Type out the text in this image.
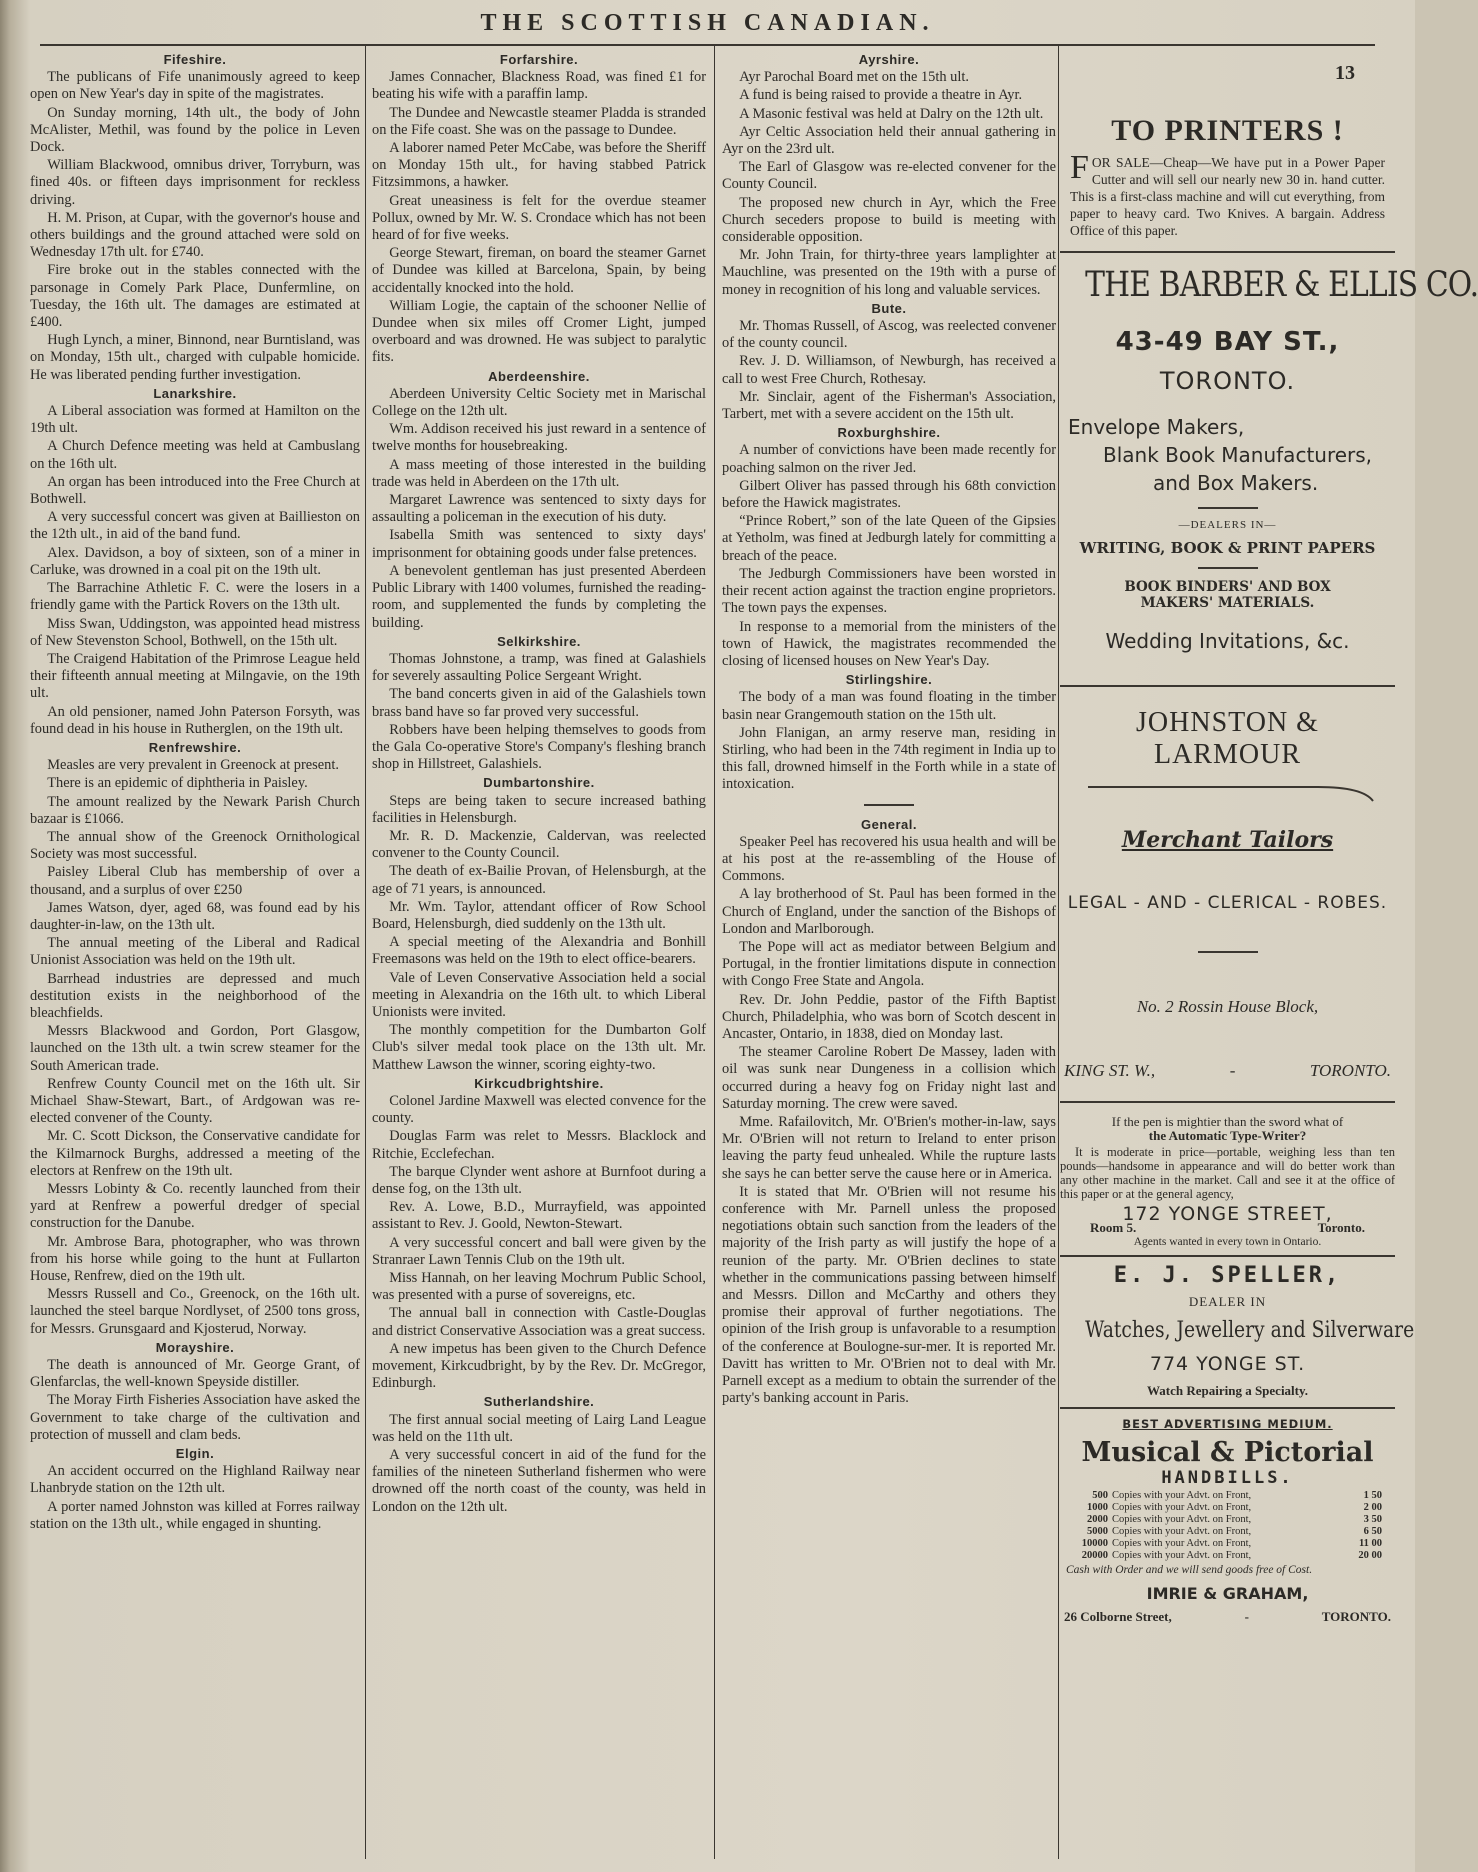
THE SCOTTISH CANADIAN.
13
Fifeshire.

The publicans of Fife unanimously agreed to keep open on New Year's day in spite of the magistrates.

On Sunday morning, 14th ult., the body of John McAlister, Methil, was found by the police in Leven Dock.

William Blackwood, omnibus driver, Torryburn, was fined 40s. or fifteen days imprisonment for reckless driving.

H. M. Prison, at Cupar, with the governor's house and others buildings and the ground attached were sold on Wednesday 17th ult. for £740.

Fire broke out in the stables connected with the parsonage in Comely Park Place, Dunfermline, on Tuesday, the 16th ult. The damages are estimated at £400.

Hugh Lynch, a miner, Binnond, near Burntisland, was on Monday, 15th ult., charged with culpable homicide. He was liberated pending further investigation.

Lanarkshire.

A Liberal association was formed at Hamilton on the 19th ult.

A Church Defence meeting was held at Cambuslang on the 16th ult.

An organ has been introduced into the Free Church at Bothwell.

A very successful concert was given at Baillieston on the 12th ult., in aid of the band fund.

Alex. Davidson, a boy of sixteen, son of a miner in Carluke, was drowned in a coal pit on the 19th ult.

The Barrachine Athletic F. C. were the losers in a friendly game with the Partick Rovers on the 13th ult.

Miss Swan, Uddingston, was appointed head mistress of New Stevenston School, Bothwell, on the 15th ult.

The Craigend Habitation of the Primrose League held their fifteenth annual meeting at Milngavie, on the 19th ult.

An old pensioner, named John Paterson Forsyth, was found dead in his house in Rutherglen, on the 19th ult.

Renfrewshire.

Measles are very prevalent in Greenock at present.

There is an epidemic of diphtheria in Paisley.

The amount realized by the Newark Parish Church bazaar is £1066.

The annual show of the Greenock Ornithological Society was most successful.

Paisley Liberal Club has membership of over a thousand, and a surplus of over £250

James Watson, dyer, aged 68, was found ead by his daughter-in-law, on the 13th ult.

The annual meeting of the Liberal and Radical Unionist Association was held on the 19th ult.

Barrhead industries are depressed and much destitution exists in the neighborhood of the bleachfields.

Messrs Blackwood and Gordon, Port Glasgow, launched on the 13th ult. a twin screw steamer for the South American trade.

Renfrew County Council met on the 16th ult. Sir Michael Shaw-Stewart, Bart., of Ardgowan was re-elected convener of the County.

Mr. C. Scott Dickson, the Conservative candidate for the Kilmarnock Burghs, addressed a meeting of the electors at Renfrew on the 19th ult.

Messrs Lobinty & Co. recently launched from their yard at Renfrew a powerful dredger of special construction for the Danube.

Mr. Ambrose Bara, photographer, who was thrown from his horse while going to the hunt at Fullarton House, Renfrew, died on the 19th ult.

Messrs Russell and Co., Greenock, on the 16th ult. launched the steel barque Nordlyset, of 2500 tons gross, for Messrs. Grunsgaard and Kjosterud, Norway.

Morayshire.

The death is announced of Mr. George Grant, of Glenfarclas, the well-known Speyside distiller.

The Moray Firth Fisheries Association have asked the Government to take charge of the cultivation and protection of mussell and clam beds.

Elgin.

An accident occurred on the Highland Railway near Lhanbryde station on the 12th ult.

A porter named Johnston was killed at Forres railway station on the 13th ult., while engaged in shunting.

Forfarshire.

James Connacher, Blackness Road, was fined £1 for beating his wife with a paraffin lamp.

The Dundee and Newcastle steamer Pladda is stranded on the Fife coast. She was on the passage to Dundee.

A laborer named Peter McCabe, was before the Sheriff on Monday 15th ult., for having stabbed Patrick Fitzsimmons, a hawker.

Great uneasiness is felt for the overdue steamer Pollux, owned by Mr. W. S. Crondace which has not been heard of for five weeks.

George Stewart, fireman, on board the steamer Garnet of Dundee was killed at Barcelona, Spain, by being accidentally knocked into the hold.

William Logie, the captain of the schooner Nellie of Dundee when six miles off Cromer Light, jumped overboard and was drowned. He was subject to paralytic fits.

Aberdeenshire.

Aberdeen University Celtic Society met in Marischal College on the 12th ult.

Wm. Addison received his just reward in a sentence of twelve months for housebreaking.

A mass meeting of those interested in the building trade was held in Aberdeen on the 17th ult.

Margaret Lawrence was sentenced to sixty days for assaulting a policeman in the execution of his duty.

Isabella Smith was sentenced to sixty days' imprisonment for obtaining goods under false pretences.

A benevolent gentleman has just presented Aberdeen Public Library with 1400 volumes, furnished the reading-room, and supplemented the funds by completing the building.

Selkirkshire.

Thomas Johnstone, a tramp, was fined at Galashiels for severely assaulting Police Sergeant Wright.

The band concerts given in aid of the Galashiels town brass band have so far proved very successful.

Robbers have been helping themselves to goods from the Gala Co-operative Store's Company's fleshing branch shop in Hillstreet, Galashiels.

Dumbartonshire.

Steps are being taken to secure increased bathing facilities in Helensburgh.

Mr. R. D. Mackenzie, Caldervan, was reelected convener to the County Council.

The death of ex-Bailie Provan, of Helensburgh, at the age of 71 years, is announced.

Mr. Wm. Taylor, attendant officer of Row School Board, Helensburgh, died suddenly on the 13th ult.

A special meeting of the Alexandria and Bonhill Freemasons was held on the 19th to elect office-bearers.

Vale of Leven Conservative Association held a social meeting in Alexandria on the 16th ult. to which Liberal Unionists were invited.

The monthly competition for the Dumbarton Golf Club's silver medal took place on the 13th ult. Mr. Matthew Lawson the winner, scoring eighty-two.

Kirkcudbrightshire.

Colonel Jardine Maxwell was elected convence for the county.

Douglas Farm was relet to Messrs. Blacklock and Ritchie, Ecclefechan.

The barque Clynder went ashore at Burnfoot during a dense fog, on the 13th ult.

Rev. A. Lowe, B.D., Murrayfield, was appointed assistant to Rev. J. Goold, Newton-Stewart.

A very successful concert and ball were given by the Stranraer Lawn Tennis Club on the 19th ult.

Miss Hannah, on her leaving Mochrum Public School, was presented with a purse of sovereigns, etc.

The annual ball in connection with Castle-Douglas and district Conservative Association was a great success.

A new impetus has been given to the Church Defence movement, Kirkcudbright, by by the Rev. Dr. McGregor, Edinburgh.

Sutherlandshire.

The first annual social meeting of Lairg Land League was held on the 11th ult.

A very successful concert in aid of the fund for the families of the nineteen Sutherland fishermen who were drowned off the north coast of the county, was held in London on the 12th ult.

Ayrshire.

Ayr Parochal Board met on the 15th ult.

A fund is being raised to provide a theatre in Ayr.

A Masonic festival was held at Dalry on the 12th ult.

Ayr Celtic Association held their annual gathering in Ayr on the 23rd ult.

The Earl of Glasgow was re-elected convener for the County Council.

The proposed new church in Ayr, which the Free Church seceders propose to build is meeting with considerable opposition.

Mr. John Train, for thirty-three years lamplighter at Mauchline, was presented on the 19th with a purse of money in recognition of his long and valuable services.

Bute.

Mr. Thomas Russell, of Ascog, was reelected convener of the county council.

Rev. J. D. Williamson, of Newburgh, has received a call to west Free Church, Rothesay.

Mr. Sinclair, agent of the Fisherman's Association, Tarbert, met with a severe accident on the 15th ult.

Roxburghshire.

A number of convictions have been made recently for poaching salmon on the river Jed.

Gilbert Oliver has passed through his 68th conviction before the Hawick magistrates.

“Prince Robert,” son of the late Queen of the Gipsies at Yetholm, was fined at Jedburgh lately for committing a breach of the peace.

The Jedburgh Commissioners have been worsted in their recent action against the traction engine proprietors. The town pays the expenses.

In response to a memorial from the ministers of the town of Hawick, the magistrates recommended the closing of licensed houses on New Year's Day.

Stirlingshire.

The body of a man was found floating in the timber basin near Grangemouth station on the 15th ult.

John Flanigan, an army reserve man, residing in Stirling, who had been in the 74th regiment in India up to this fall, drowned himself in the Forth while in a state of intoxication.

General.

Speaker Peel has recovered his usua health and will be at his post at the re-assembling of the House of Commons.

A lay brotherhood of St. Paul has been formed in the Church of England, under the sanction of the Bishops of London and Marlborough.

The Pope will act as mediator between Belgium and Portugal, in the frontier limitations dispute in connection with Congo Free State and Angola.

Rev. Dr. John Peddie, pastor of the Fifth Baptist Church, Philadelphia, who was born of Scotch descent in Ancaster, Ontario, in 1838, died on Monday last.

The steamer Caroline Robert De Massey, laden with oil was sunk near Dungeness in a collision which occurred during a heavy fog on Friday night last and Saturday morning. The crew were saved.

Mme. Rafailovitch, Mr. O'Brien's mother-in-law, says Mr. O'Brien will not return to Ireland to enter prison leaving the party feud unhealed. While the rupture lasts she says he can better serve the cause here or in America.

It is stated that Mr. O'Brien will not resume his conference with Mr. Parnell unless the proposed negotiations obtain such sanction from the leaders of the majority of the Irish party as will justify the hope of a reunion of the party. Mr. O'Brien declines to state whether in the communications passing between himself and Messrs. Dillon and McCarthy and others they promise their approval of further negotiations. The opinion of the Irish group is unfavorable to a resumption of the conference at Boulogne-sur-mer. It is reported Mr. Davitt has written to Mr. O'Brien not to deal with Mr. Parnell except as a medium to obtain the surrender of the party's banking account in Paris.

TO PRINTERS !

FOR SALE—Cheap—We have put in a Power Paper Cutter and will sell our nearly new 30 in. hand cutter. This is a first-class machine and will cut everything, from paper to heavy card. Two Knives. A bargain. Address Office of this paper.

THE BARBER & ELLIS CO.
43-49 BAY ST.,
TORONTO.
Envelope Makers,
Blank Book Manufacturers,
and Box Makers.
—DEALERS IN—
WRITING, BOOK & PRINT PAPERS
BOOK BINDERS' AND BOX MAKERS' MATERIALS.
Wedding Invitations, &c.
JOHNSTON & LARMOUR
Merchant Tailors
LEGAL - AND - CLERICAL - ROBES.
No. 2 Rossin House Block,
KING ST. W.,	-	TORONTO.
If the pen is mightier than the sword what of
the Automatic Type-Writer?

It is moderate in price—portable, weighing less than ten pounds—handsome in appearance and will do better work than any other machine in the market. Call and see it at the office of this paper or at the general agency,

172 YONGE STREET,
Room 5.	Toronto.
Agents wanted in every town in Ontario.
E. J. SPELLER,
DEALER IN
Watches, Jewellery and Silverware
774 YONGE ST.
Watch Repairing a Specialty.
BEST ADVERTISING MEDIUM.
Musical & Pictorial
HANDBILLS.
500	Copies with your Advt. on Front,	1 50
1000	Copies with your Advt. on Front,	2 00
2000	Copies with your Advt. on Front,	3 50
5000	Copies with your Advt. on Front,	6 50
10000	Copies with your Advt. on Front,	11 00
20000	Copies with your Advt. on Front,	20 00
Cash with Order and we will send goods free of Cost.
IMRIE & GRAHAM,
26 Colborne Street,	-	TORONTO.
